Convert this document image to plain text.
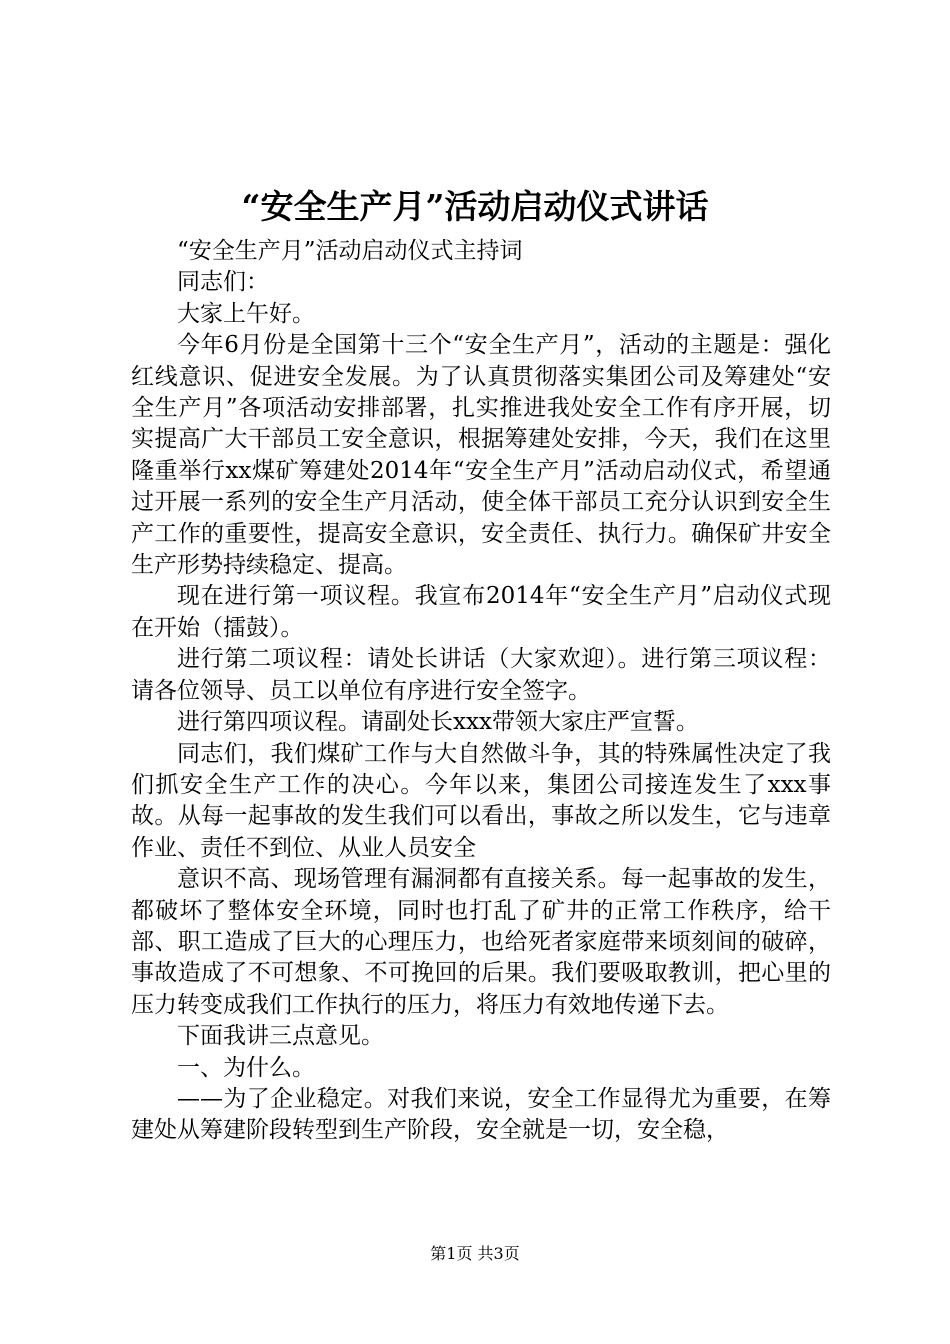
“安全生产月”活动启动仪式讲话

“安全生产月”活动启动仪式主持词

同志们：

大家上午好。

今年6月份是全国第十三个“安全生产月”，活动的主题是：强化红线意识、促进安全发展。为了认真贯彻落实集团公司及筹建处“安全生产月”各项活动安排部署，扎实推进我处安全工作有序开展，切实提高广大干部员工安全意识，根据筹建处安排，今天，我们在这里隆重举行xx煤矿筹建处2014年“安全生产月”活动启动仪式，希望通过开展一系列的安全生产月活动，使全体干部员工充分认识到安全生产工作的重要性，提高安全意识，安全责任、执行力。确保矿井安全生产形势持续稳定、提高。

现在进行第一项议程。我宣布2014年“安全生产月”启动仪式现在开始（擂鼓）。

进行第二项议程：请处长讲话（大家欢迎）。进行第三项议程：请各位领导、员工以单位有序进行安全签字。

进行第四项议程。请副处长xxx带领大家庄严宣誓。

同志们，我们煤矿工作与大自然做斗争，其的特殊属性决定了我们抓安全生产工作的决心。今年以来，集团公司接连发生了xxx事故。从每一起事故的发生我们可以看出，事故之所以发生，它与违章作业、责任不到位、从业人员安全

意识不高、现场管理有漏洞都有直接关系。每一起事故的发生，都破坏了整体安全环境，同时也打乱了矿井的正常工作秩序，给干部、职工造成了巨大的心理压力，也给死者家庭带来顷刻间的破碎，事故造成了不可想象、不可挽回的后果。我们要吸取教训，把心里的压力转变成我们工作执行的压力，将压力有效地传递下去。

下面我讲三点意见。

一、为什么。

——为了企业稳定。对我们来说，安全工作显得尤为重要，在筹建处从筹建阶段转型到生产阶段，安全就是一切，安全稳，

第1页 共3页
